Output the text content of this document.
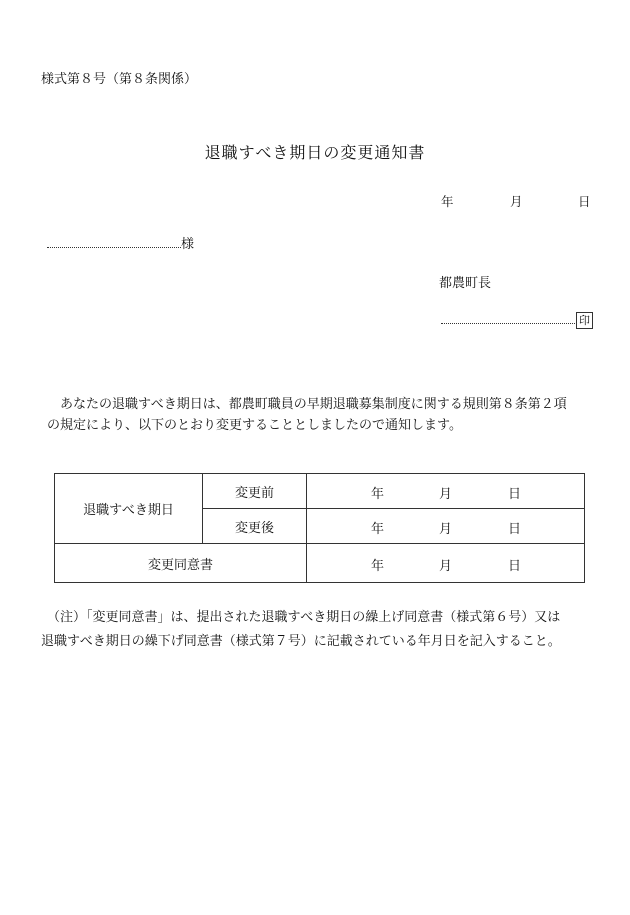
様式第８号（第８条関係）
退職すべき期日の変更通知書
年	月	日
様
都農町長
印
あなたの退職すべき期日は、都農町職員の早期退職募集制度に関する規則第８条第２項
の規定により、以下のとおり変更することとしましたので通知します。
退職すべき期日	変更前	年 月 日

	変更後	年 月 日

変更同意書		年 月 日
（注）「変更同意書」は、提出された退職すべき期日の繰上げ同意書（様式第６号）又は
退職すべき期日の繰下げ同意書（様式第７号）に記載されている年月日を記入すること。
